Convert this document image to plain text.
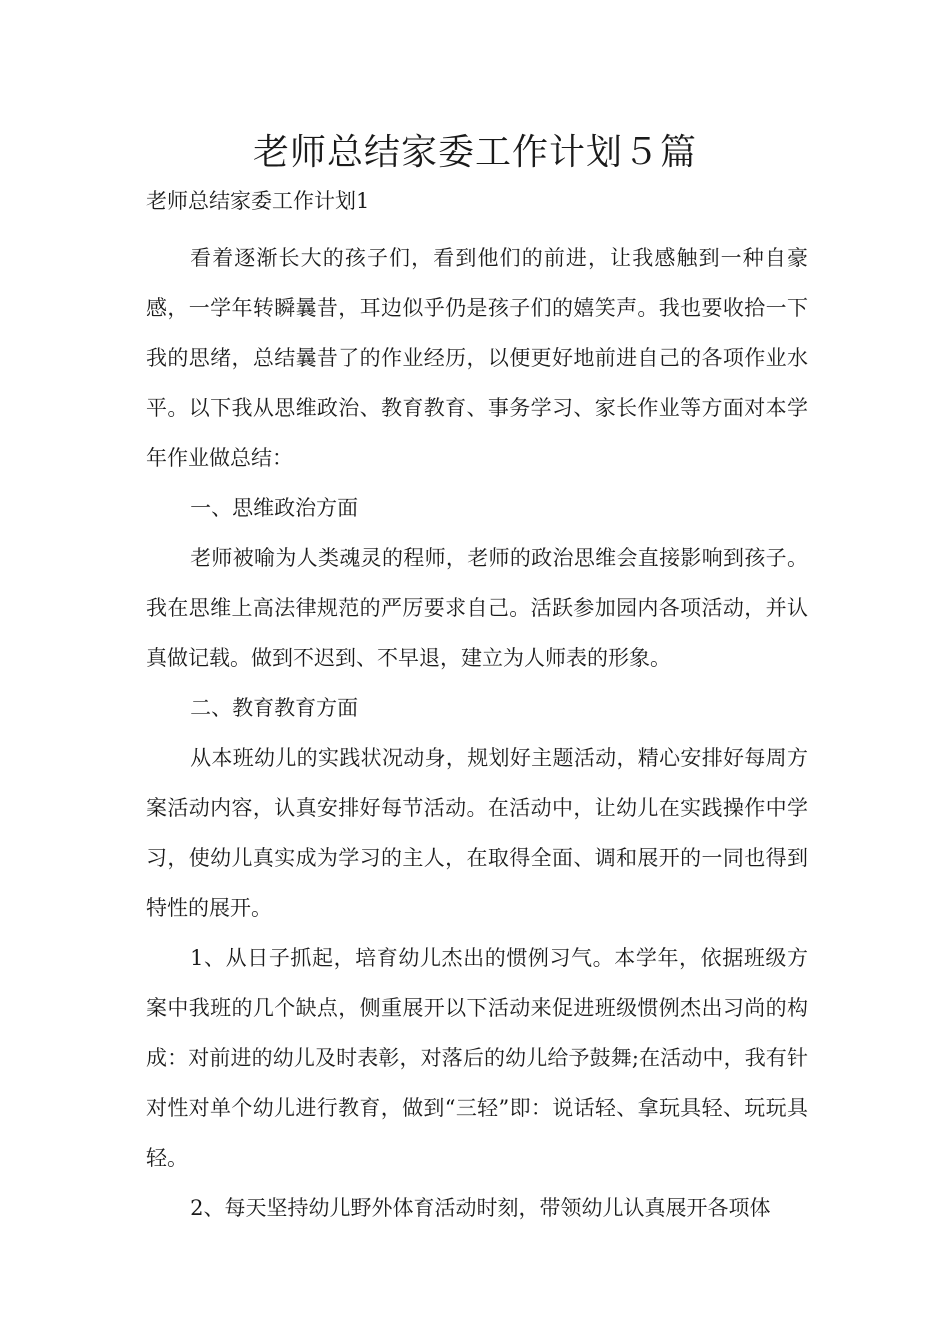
老师总结家委工作计划５篇
老师总结家委工作计划1

看着逐渐长大的孩子们，看到他们的前进，让我感触到一种自豪感，一学年转瞬曩昔，耳边似乎仍是孩子们的嬉笑声。我也要收拾一下我的思绪，总结曩昔了的作业经历，以便更好地前进自己的各项作业水平。以下我从思维政治、教育教育、事务学习、家长作业等方面对本学年作业做总结：

一、思维政治方面

老师被喻为人类魂灵的程师，老师的政治思维会直接影响到孩子。我在思维上高法律规范的严厉要求自己。活跃参加园内各项活动，并认真做记载。做到不迟到、不早退，建立为人师表的形象。

二、教育教育方面

从本班幼儿的实践状况动身，规划好主题活动，精心安排好每周方案活动内容，认真安排好每节活动。在活动中，让幼儿在实践操作中学习，使幼儿真实成为学习的主人，在取得全面、调和展开的一同也得到特性的展开。

1、从日子抓起，培育幼儿杰出的惯例习气。本学年，依据班级方案中我班的几个缺点，侧重展开以下活动来促进班级惯例杰出习尚的构成：对前进的幼儿及时表彰，对落后的幼儿给予鼓舞;在活动中，我有针对性对单个幼儿进行教育，做到“三轻”即：说话轻、拿玩具轻、玩玩具轻。

2、每天坚持幼儿野外体育活动时刻，带领幼儿认真展开各项体
